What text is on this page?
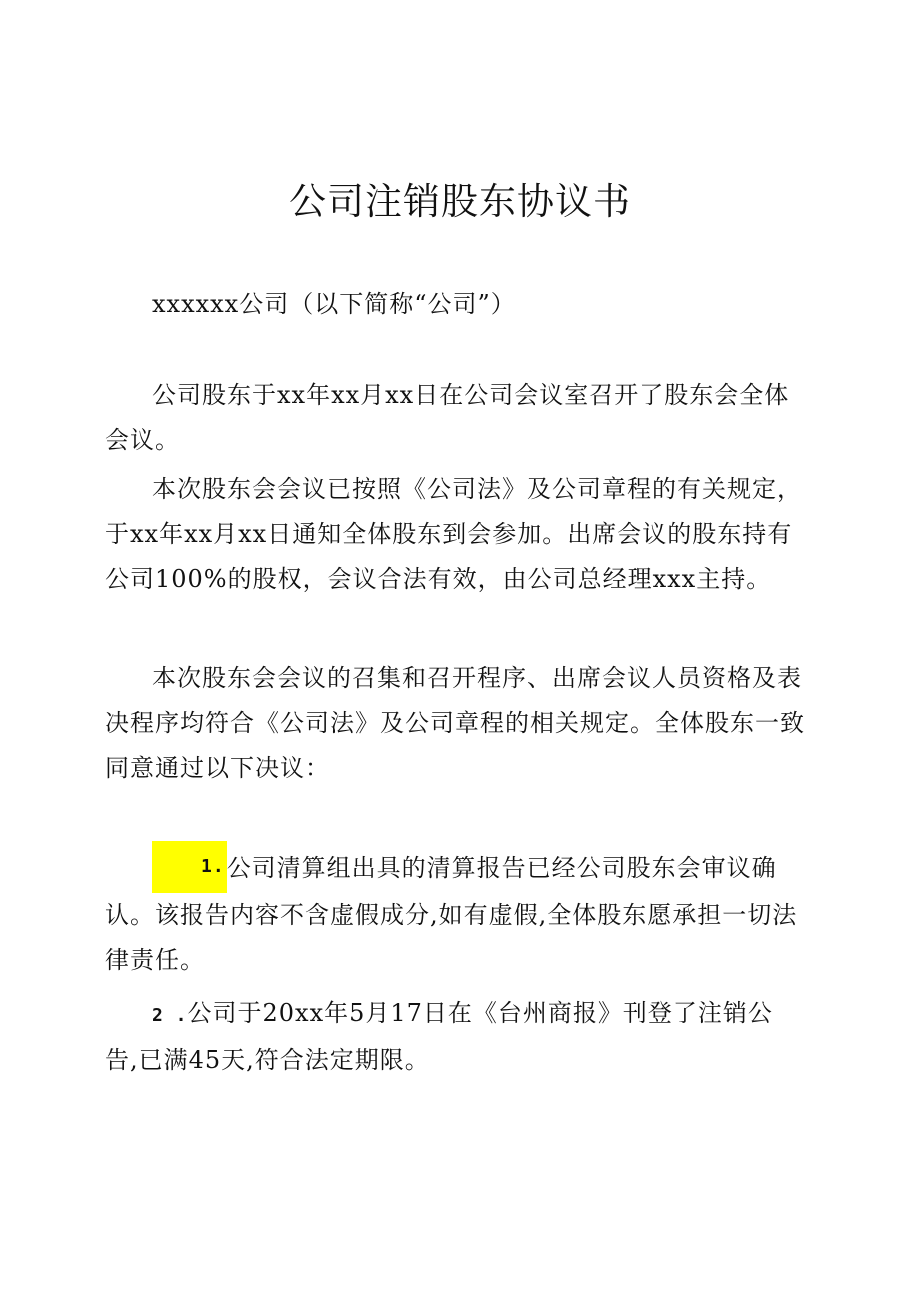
公司注销股东协议书

xxxxxx公司（以下简称“公司”）

公司股东于xx年xx月xx日在公司会议室召开了股东会全体会议。

本次股东会会议已按照《公司法》及公司章程的有关规定，于xx年xx月xx日通知全体股东到会参加。出席会议的股东持有公司100%的股权，会议合法有效，由公司总经理xxx主持。

本次股东会会议的召集和召开程序、出席会议人员资格及表决程序均符合《公司法》及公司章程的相关规定。全体股东一致同意通过以下决议：

1.公司清算组出具的清算报告已经公司股东会审议确认。该报告内容不含虚假成分,如有虚假,全体股东愿承担一切法律责任。

2 .公司于20xx年5月17日在《台州商报》刊登了注销公告,已满45天,符合法定期限。
